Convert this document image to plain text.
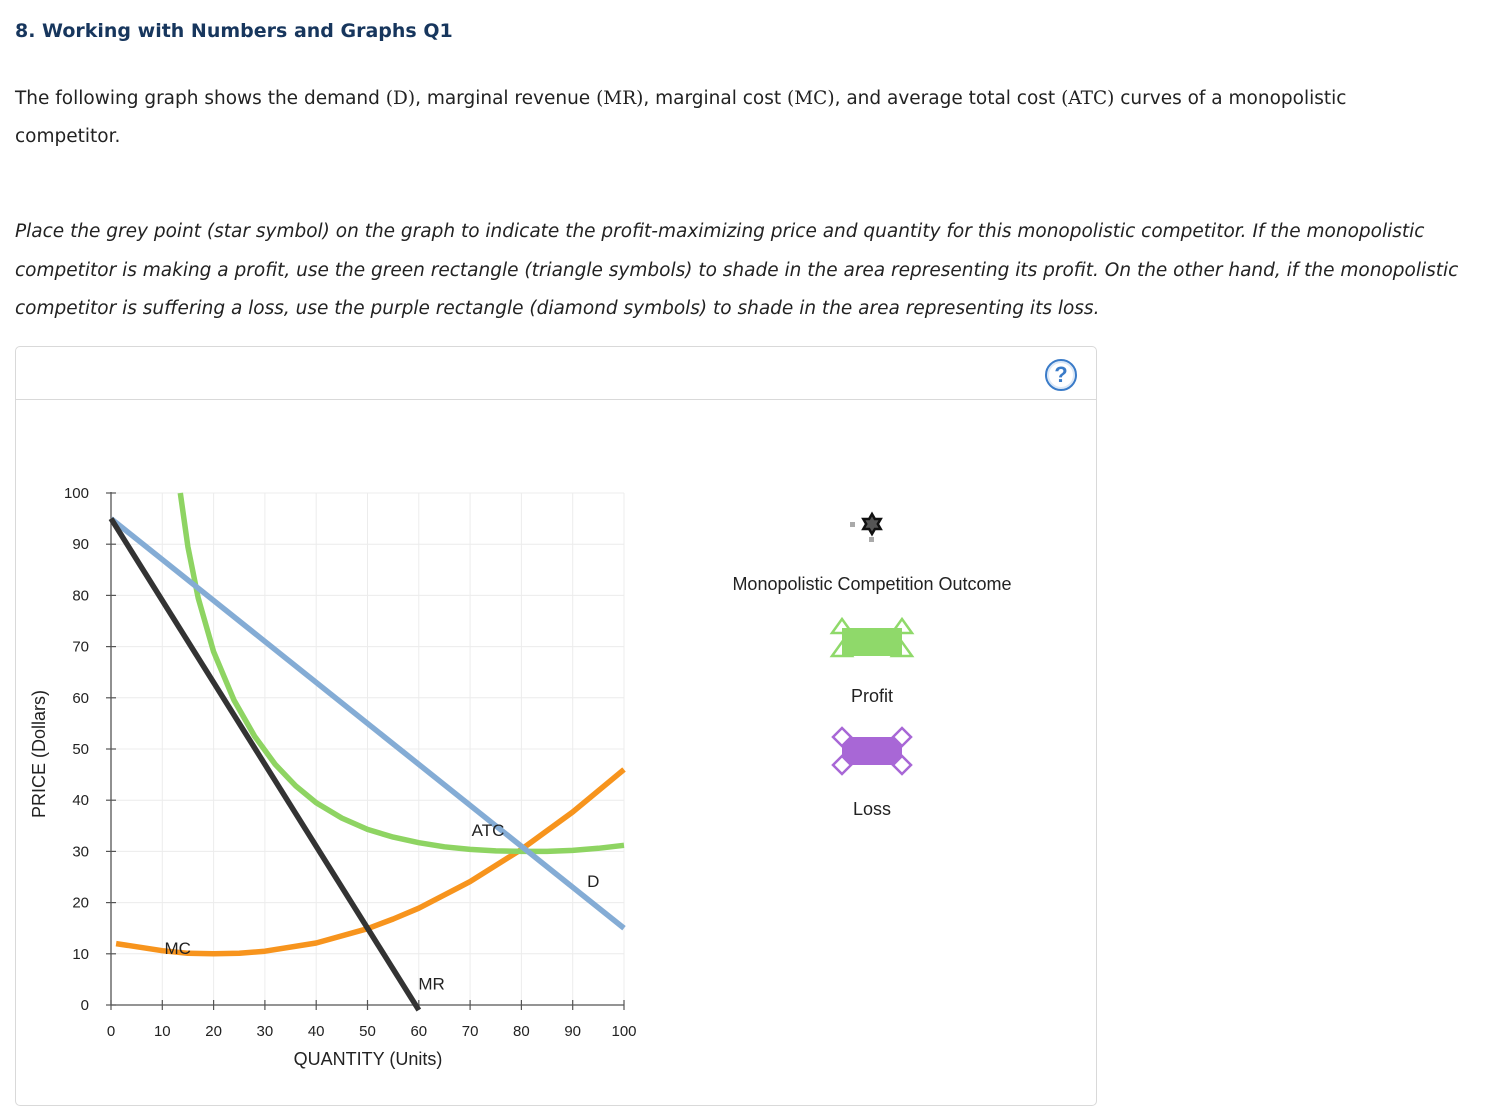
8. Working with Numbers and Graphs Q1
The following graph shows the demand (D), marginal revenue (MR), marginal cost (MC), and average total cost (ATC) curves of a monopolistic competitor.
Place the grey point (star symbol) on the graph to indicate the profit-maximizing price and quantity for this monopolistic competitor. If the monopolistic competitor is making a profit, use the green rectangle (triangle symbols) to shade in the area representing its profit. On the other hand, if the monopolistic competitor is suffering a loss, use the purple rectangle (diamond symbols) to shade in the area representing its loss.
?
0	10 20 30 40 50 60 70 80 90 100
0
10
20
30
40
50
60
70
80
90
100
ATC
D
MC
MR
PRICE (Dollars)
QUANTITY (Units)
Monopolistic Competition Outcome
Profit
Loss
